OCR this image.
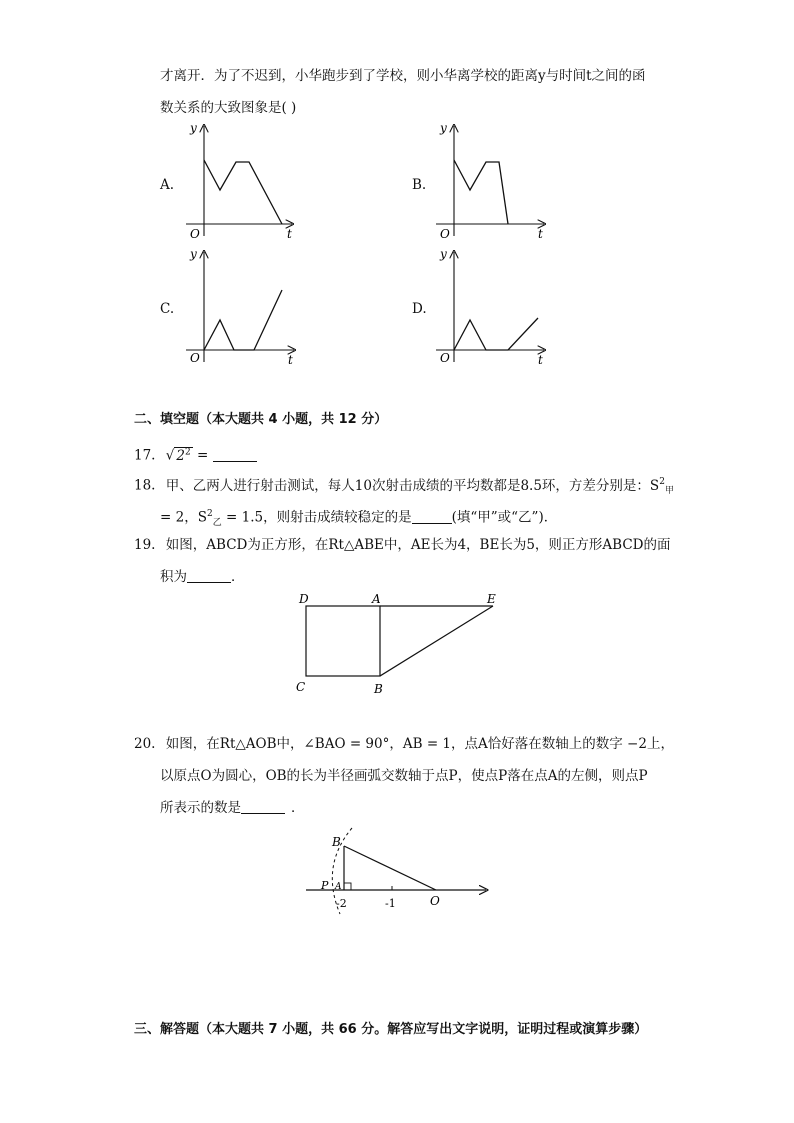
才离开．为了不迟到，小华跑步到了学校，则小华离学校的距离y与时间t之间的函
数关系的大致图象是( )
A.
y
t
O
B.
y
t
O
C.
y
t
O
D.
y
t
O
二、填空题（本大题共 4 小题，共 12 分）
17. √ $2^2$ =
18. 甲、乙两人进行射击测试，每人10次射击成绩的平均数都是8.5环，方差分别是：$S^2_甲$
= 2，$S^2_乙 = 1.5$，则射击成绩较稳定的是	(填“甲”或“乙”)．
19. 如图，ABCD为正方形，在Rt△ABE中，AE长为4，BE长为5，则正方形ABCD的面
积为	．
D	A	E
C	B
20. 如图，在Rt△AOB中，∠BAO = 90°，AB = 1，点A恰好落在数轴上的数字 −2上，
以原点O为圆心，OB的长为半径画弧交数轴于点P，使点P落在点A的左侧，则点P
所表示的数是	．
B
P A
O
-2	-1
三、解答题（本大题共 7 小题，共 66 分。解答应写出文字说明，证明过程或演算步骤）
